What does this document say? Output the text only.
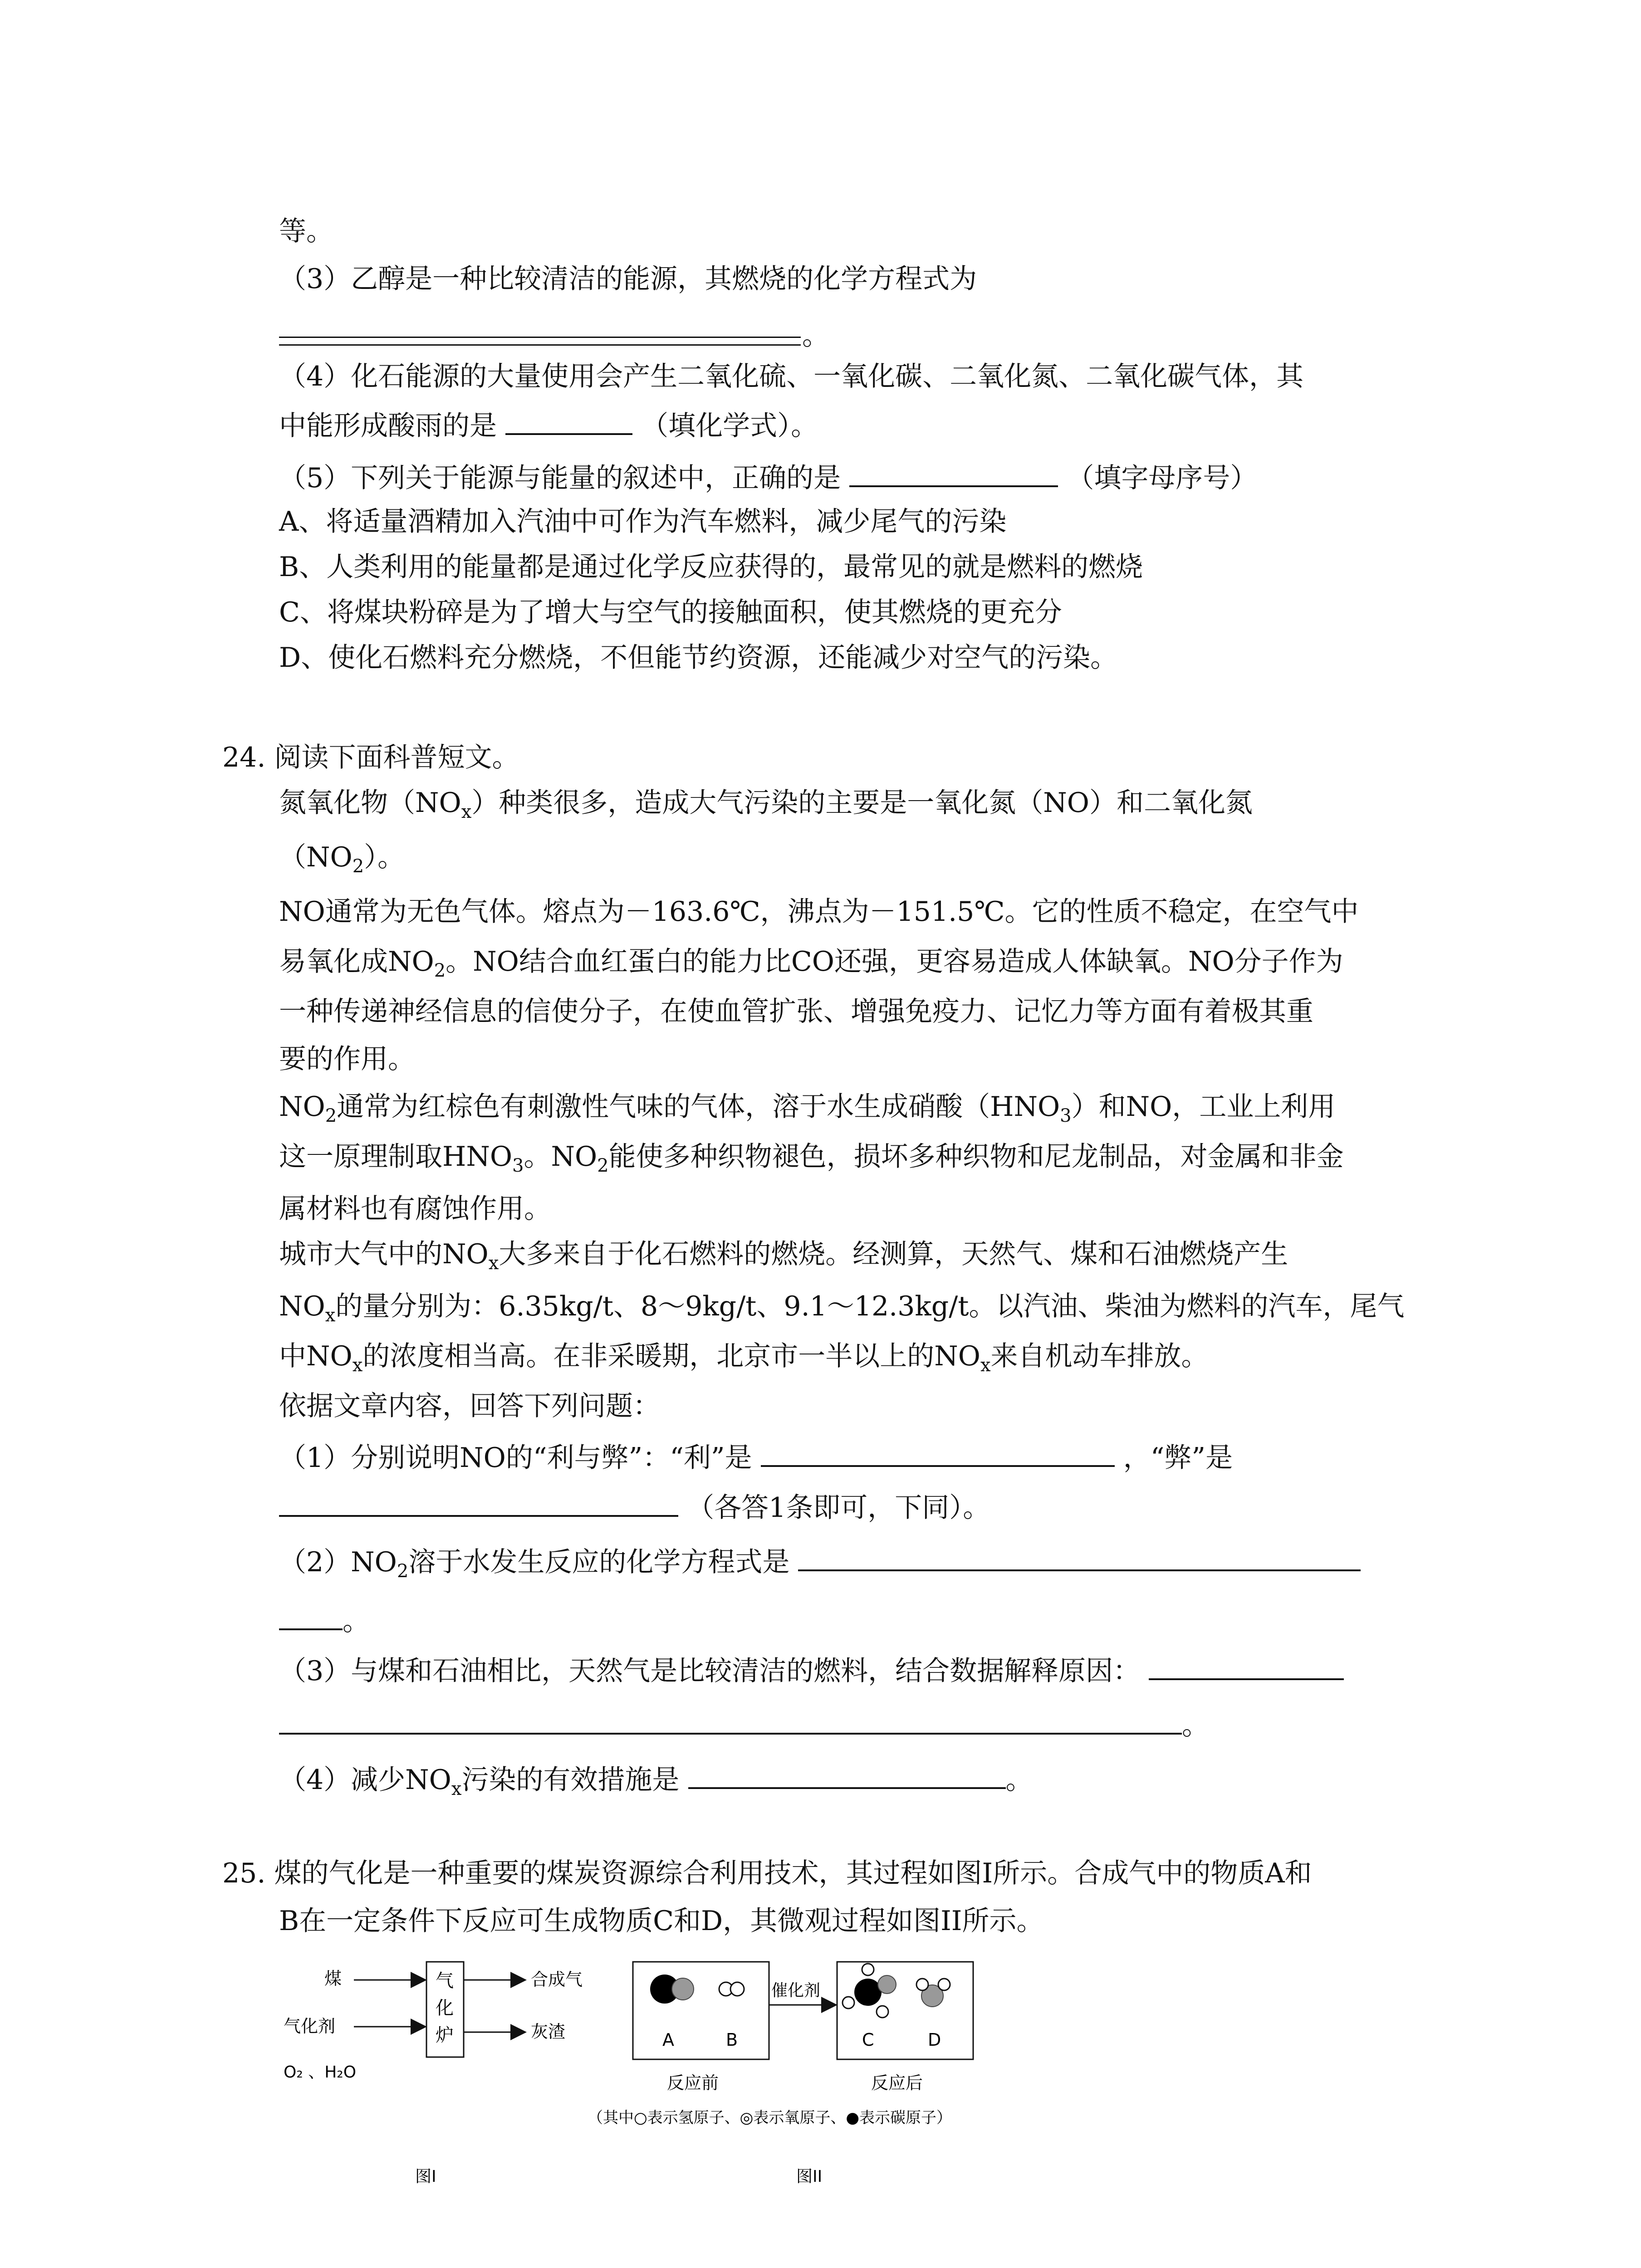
等。
（3）乙醇是一种比较清洁的能源，其燃烧的化学方程式为
。
（4）化石能源的大量使用会产生二氧化硫、一氧化碳、二氧化氮、二氧化碳气体，其
中能形成酸雨的是	（填化学式）。
（5）下列关于能源与能量的叙述中，正确的是	（填字母序号）
A、将适量酒精加入汽油中可作为汽车燃料，减少尾气的污染
B、人类利用的能量都是通过化学反应获得的，最常见的就是燃料的燃烧
C、将煤块粉碎是为了增大与空气的接触面积，使其燃烧的更充分
D、使化石燃料充分燃烧，不但能节约资源，还能减少对空气的污染。
24. 阅读下面科普短文。
氮氧化物$(NO_x)$种类很多，造成大气污染的主要是一氧化氮（NO）和二氧化氮
$(NO_2)$。
NO通常为无色气体。熔点为－163.6℃，沸点为－151.5℃。它的性质不稳定，在空气中
易氧化成$NO_2$。NO结合血红蛋白的能力比CO还强，更容易造成人体缺氧。NO分子作为
一种传递神经信息的信使分子，在使血管扩张、增强免疫力、记忆力等方面有着极其重
要的作用。
$NO_2$通常为红棕色有刺激性气味的气体，溶于水生成硝酸$(HNO_3)$和NO，工业上利用
这一原理制取$HNO_3$。$NO_2$能使多种织物褪色，损坏多种织物和尼龙制品，对金属和非金
属材料也有腐蚀作用。
城市大气中的$NO_x$大多来自于化石燃料的燃烧。经测算，天然气、煤和石油燃烧产生
$NO_x$的量分别为：6.35kg/t、8～9kg/t、9.1～12.3kg/t。以汽油、柴油为燃料的汽车，尾气
中$NO_x$的浓度相当高。在非采暖期，北京市一半以上的$NO_x$来自机动车排放。
依据文章内容，回答下列问题：
（1）分别说明NO的“利与弊”：“利”是	，“弊”是
（各答1条即可，下同）。
$(2)NO_2$溶于水发生反应的化学方程式是
。
（3）与煤和石油相比，天然气是比较清洁的燃料，结合数据解释原因：
。
（4）减少$NO_x$污染的有效措施是	。
25. 煤的气化是一种重要的煤炭资源综合利用技术，其过程如图I所示。合成气中的物质A和
B在一定条件下反应可生成物质C和D，其微观过程如图II所示。
煤
气化剂
O₂ 、H₂O
气
化
炉
合成气
灰渣
图I
A	B
反应前
催化剂
C	D
反应后
（其中○表示氢原子、◎表示氧原子、●表示碳原子）
图II
